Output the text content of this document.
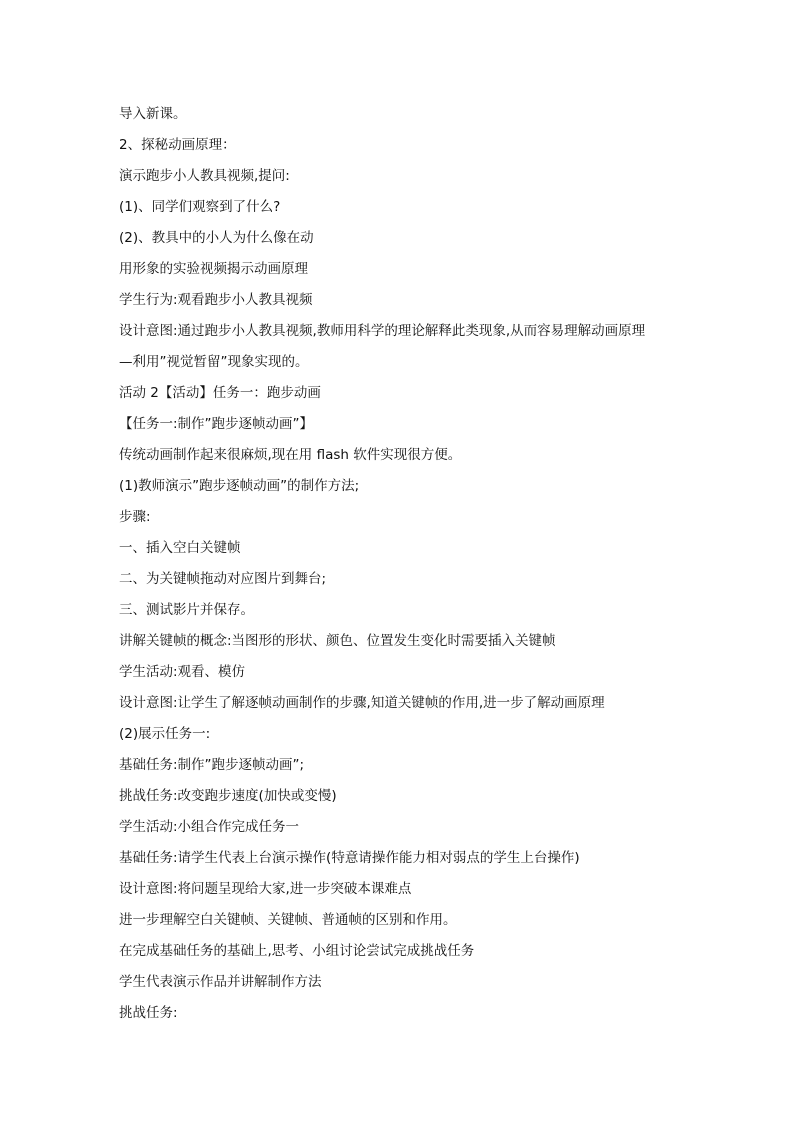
导入新课。

2、探秘动画原理：

演示跑步小人教具视频,提问:

(1)、同学们观察到了什么?

(2)、教具中的小人为什么像在动

用形象的实验视频揭示动画原理

学生行为:观看跑步小人教具视频

设计意图:通过跑步小人教具视频,教师用科学的理论解释此类现象,从而容易理解动画原理

—利用”视觉暂留”现象实现的。

活动 2【活动】任务一：跑步动画

【任务一:制作”跑步逐帧动画”】

传统动画制作起来很麻烦,现在用 flash 软件实现很方便。

(1)教师演示”跑步逐帧动画”的制作方法;

步骤:

一、插入空白关键帧

二、为关键帧拖动对应图片到舞台;

三、测试影片并保存。

讲解关键帧的概念:当图形的形状、颜色、位置发生变化时需要插入关键帧

学生活动:观看、模仿

设计意图:让学生了解逐帧动画制作的步骤,知道关键帧的作用,进一步了解动画原理

(2)展示任务一:

基础任务:制作”跑步逐帧动画”;

挑战任务:改变跑步速度(加快或变慢)

学生活动:小组合作完成任务一

基础任务:请学生代表上台演示操作(特意请操作能力相对弱点的学生上台操作)

设计意图:将问题呈现给大家,进一步突破本课难点

进一步理解空白关键帧、关键帧、普通帧的区别和作用。

在完成基础任务的基础上,思考、小组讨论尝试完成挑战任务

学生代表演示作品并讲解制作方法

挑战任务:
